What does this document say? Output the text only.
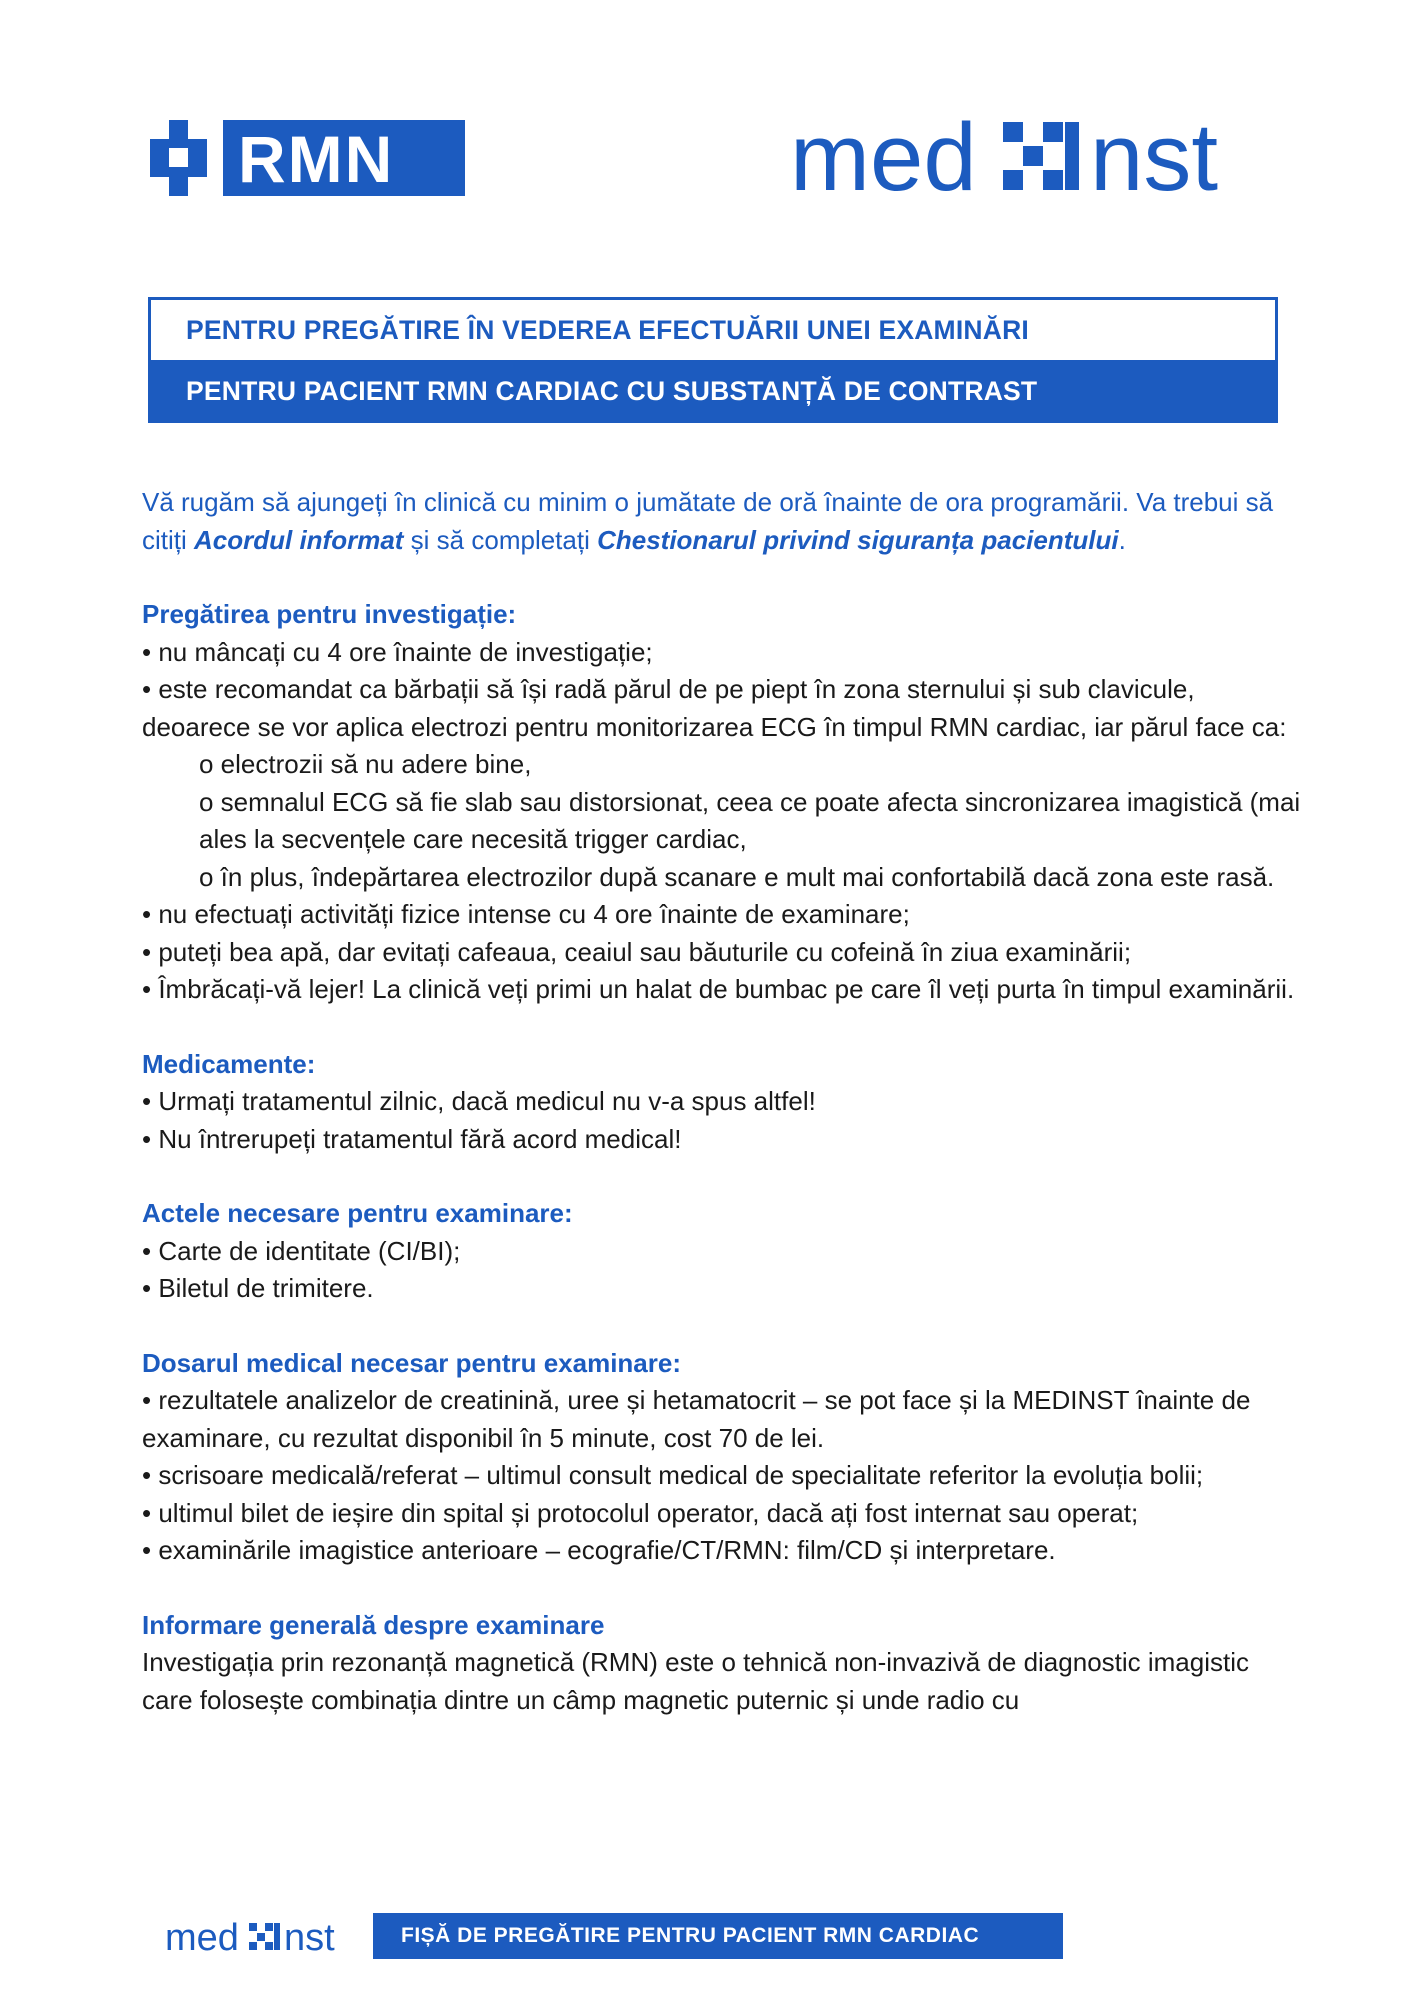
RMN	med nst
PENTRU PREGĂTIRE ÎN VEDEREA EFECTUĂRII UNEI EXAMINĂRI
PENTRU PACIENT RMN CARDIAC CU SUBSTANȚĂ DE CONTRAST

Vă rugăm să ajungeți în clinică cu minim o jumătate de oră înainte de ora programării. Va trebui să citiți Acordul informat și să completați Chestionarul privind siguranța pacientului.

Pregătirea pentru investigație:
• nu mâncați cu 4 ore înainte de investigație;
• este recomandat ca bărbații să își radă părul de pe piept în zona sternului și sub clavicule, deoarece se vor aplica electrozi pentru monitorizarea ECG în timpul RMN cardiac, iar părul face ca:
o electrozii să nu adere bine,
o semnalul ECG să fie slab sau distorsionat, ceea ce poate afecta sincronizarea imagistică (mai ales la secvențele care necesită trigger cardiac,
o în plus, îndepărtarea electrozilor după scanare e mult mai confortabilă dacă zona este rasă.
• nu efectuați activități fizice intense cu 4 ore înainte de examinare;
• puteți bea apă, dar evitați cafeaua, ceaiul sau băuturile cu cofeină în ziua examinării;
• Îmbrăcați-vă lejer! La clinică veți primi un halat de bumbac pe care îl veți purta în timpul examinării.
Medicamente:
• Urmați tratamentul zilnic, dacă medicul nu v-a spus altfel!
• Nu întrerupeți tratamentul fără acord medical!
Actele necesare pentru examinare:
• Carte de identitate (CI/BI);
• Biletul de trimitere.
Dosarul medical necesar pentru examinare:
• rezultatele analizelor de creatinină, uree și hetamatocrit – se pot face și la MEDINST înainte de examinare, cu rezultat disponibil în 5 minute, cost 70 de lei.
• scrisoare medicală/referat – ultimul consult medical de specialitate referitor la evoluția bolii;
• ultimul bilet de ieșire din spital și protocolul operator, dacă ați fost internat sau operat;
• examinările imagistice anterioare – ecografie/CT/RMN: film/CD și interpretare.
Informare generală despre examinare
Investigația prin rezonanță magnetică (RMN) este o tehnică non-invazivă de diagnostic imagistic care folosește combinația dintre un câmp magnetic puternic și unde radio cu
med nst	FIȘĂ DE PREGĂTIRE PENTRU PACIENT RMN CARDIAC
